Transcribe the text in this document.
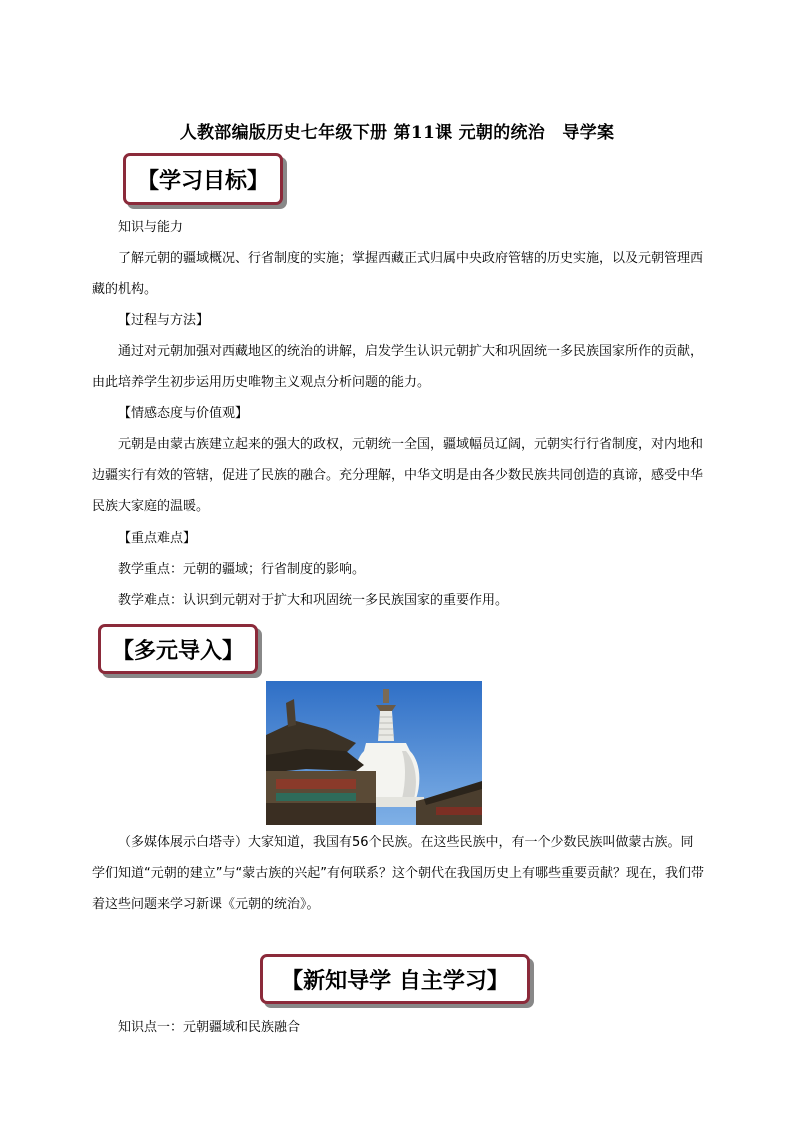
人教部编版历史七年级下册 第11课 元朝的统治　导学案
【学习目标】
知识与能力
了解元朝的疆域概况、行省制度的实施；掌握西藏正式归属中央政府管辖的历史实施，以及元朝管理西藏的机构。
【过程与方法】
通过对元朝加强对西藏地区的统治的讲解，启发学生认识元朝扩大和巩固统一多民族国家所作的贡献，由此培养学生初步运用历史唯物主义观点分析问题的能力。
【情感态度与价值观】
元朝是由蒙古族建立起来的强大的政权，元朝统一全国，疆域幅员辽阔，元朝实行行省制度，对内地和边疆实行有效的管辖，促进了民族的融合。充分理解，中华文明是由各少数民族共同创造的真谛，感受中华民族大家庭的温暖。
【重点难点】
教学重点：元朝的疆域；行省制度的影响。
教学难点：认识到元朝对于扩大和巩固统一多民族国家的重要作用。
【多元导入】
（多媒体展示白塔寺）大家知道，我国有56个民族。在这些民族中，有一个少数民族叫做蒙古族。同学们知道“元朝的建立”与“蒙古族的兴起”有何联系？这个朝代在我国历史上有哪些重要贡献？现在，我们带着这些问题来学习新课《元朝的统治》。
【新知导学 自主学习】
知识点一：元朝疆域和民族融合
